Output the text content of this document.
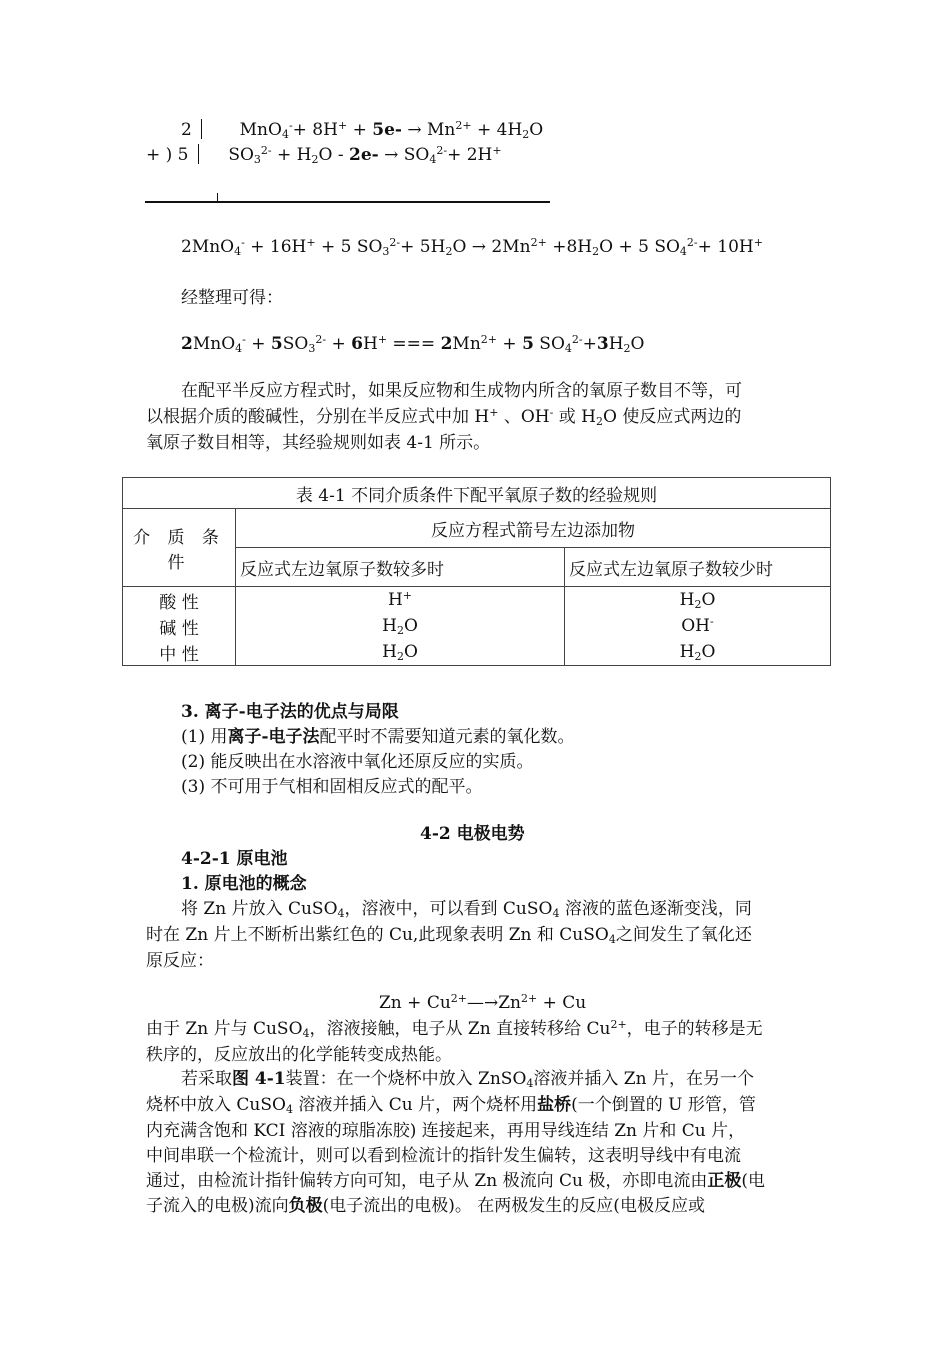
2	$MnO_4^-+ 8H^+ + 5e- \to Mn^{2+} + 4H_2O$
+ ) 5 $SO_3^{2-} + H_2O - 2e- \to SO_4^{2-}+ 2H^+$
2MnO$_4$- + 16H+ + 5 $SO_3^{2-}+ 5H_2O \to 2Mn^{2+} +8H_2O + 5$ $SO_4^{2-}+ 10H^+$
经整理可得：
$2MnO_4^- + 5SO_3^{2-} + 6H^+$ === $2Mn^{2+} + 5$ $SO_4^{2-}+3H_2O$
在配平半反应方程式时，如果反应物和生成物内所含的氧原子数目不等，可
以根据介质的酸碱性，分别在半反应式中加 H+ 、OH- 或 $H_2O$ 使反应式两边的
氧原子数目相等，其经验规则如表 4-1 所示。
表 4-1 不同介质条件下配平氧原子数的经验规则		
介 质 条 件	反应方程式箭号左边添加物	
	反应式左边氧原子数较多时	反应式左边氧原子数较少时
酸 性	H+	$H_2O$
碱 性	$H_2O$	OH-
中 性	$H_2O$	$H_2O$
3. 离子-电子法的优点与局限
(1) 用离子-电子法配平时不需要知道元素的氧化数。
(2) 能反映出在水溶液中氧化还原反应的实质。
(3) 不可用于气相和固相反应式的配平。
4-2 电极电势
4-2-1 原电池
1. 原电池的概念
将 Zn 片放入 CuSO$_4$，溶液中，可以看到 CuSO$_4$ 溶液的蓝色逐渐变浅，同
时在 Zn 片上不断析出紫红色的 Cu,此现象表明 Zn 和 CuSO$_4$之间发生了氧化还
原反应：
$Zn + Cu^{2+}—\to Zn^{2+} + Cu$
由于 Zn 片与 CuSO$_4$，溶液接触，电子从 Zn 直接转移给 $Cu^{2+}$，电子的转移是无
秩序的，反应放出的化学能转变成热能。
若采取图 4-1装置：在一个烧杯中放入 ZnSO$_4$溶液并插入 Zn 片，在另一个
烧杯中放入 CuSO$_4$ 溶液并插入 Cu 片，两个烧杯用盐桥(一个倒置的 U 形管，管
内充满含饱和 KCI 溶液的琼脂冻胶) 连接起来，再用导线连结 Zn 片和 Cu 片，
中间串联一个检流计，则可以看到检流计的指针发生偏转，这表明导线中有电流
通过，由检流计指针偏转方向可知，电子从 Zn 极流向 Cu 极，亦即电流由正极(电
子流入的电极)流向负极(电子流出的电极)。 在两极发生的反应(电极反应或
